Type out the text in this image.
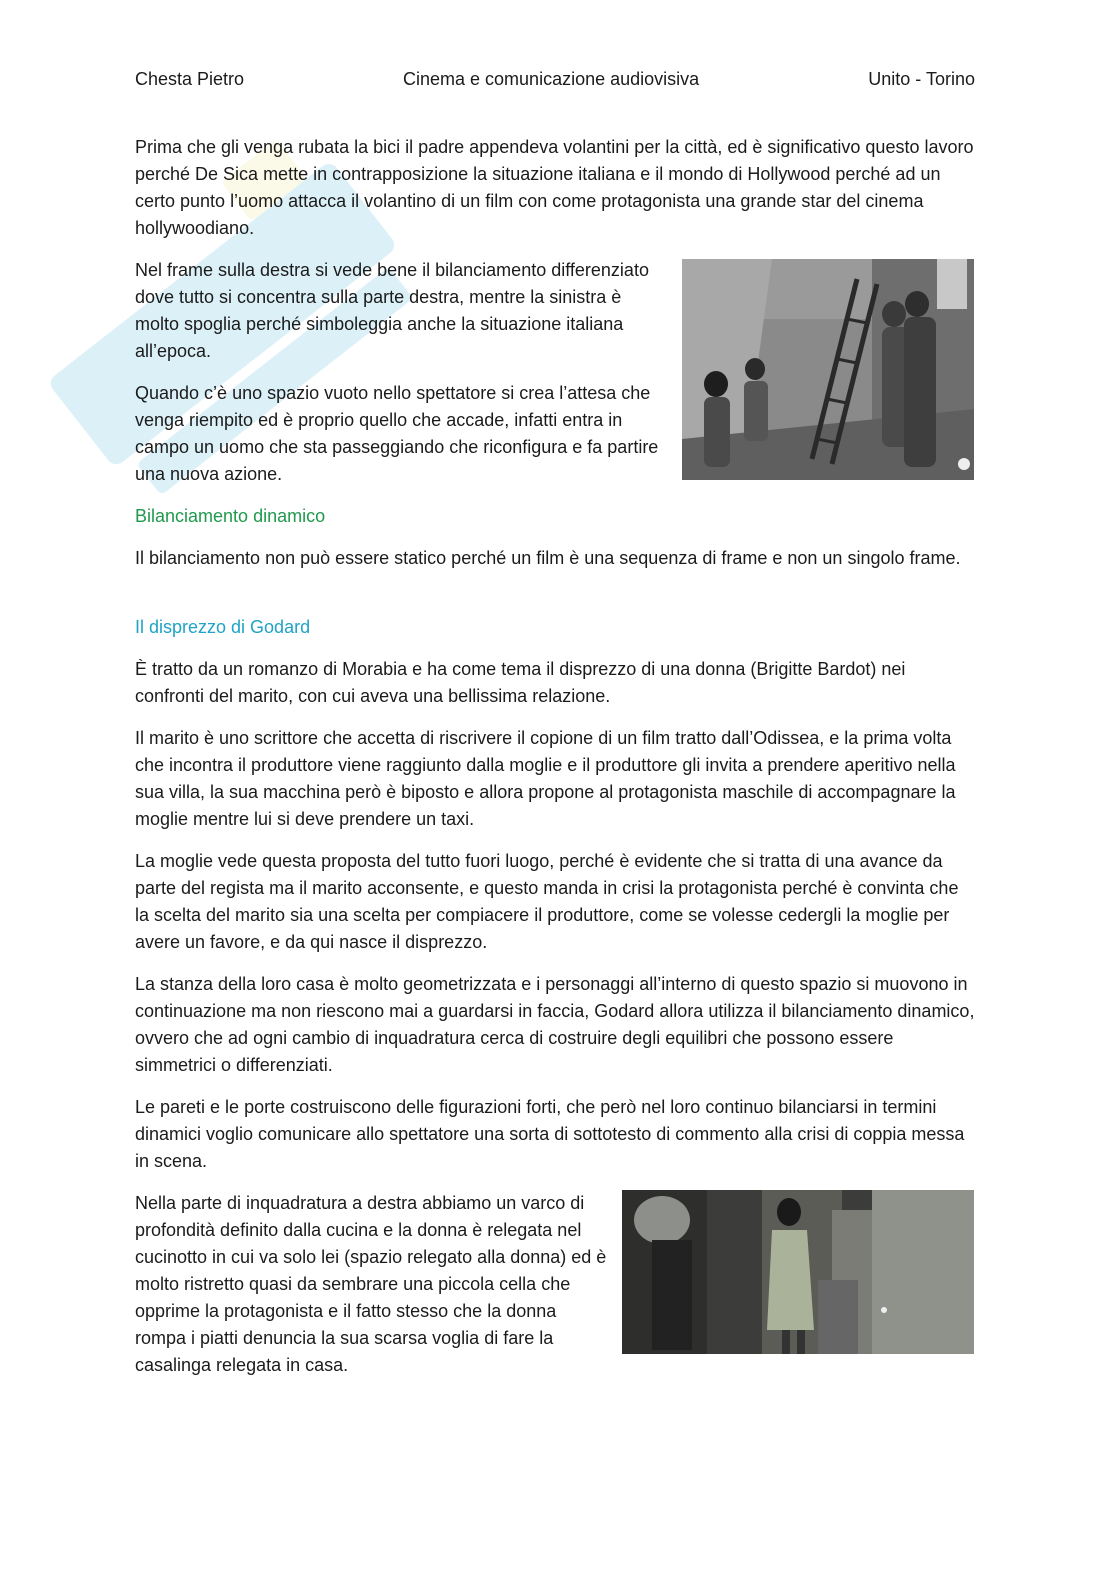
Chesta Pietro	Cinema e comunicazione audiovisiva	Unito - Torino

Prima che gli venga rubata la bici il padre appendeva volantini per la città, ed è significativo questo lavoro perché De Sica mette in contrapposizione la situazione italiana e il mondo di Hollywood perché ad un certo punto l’uomo attacca il volantino di un film con come protagonista una grande star del cinema hollywoodiano.

Nel frame sulla destra si vede bene il bilanciamento differenziato dove tutto si concentra sulla parte destra, mentre la sinistra è molto spoglia perché simboleggia anche la situazione italiana all’epoca.

Quando c’è uno spazio vuoto nello spettatore si crea l’attesa che venga riempito ed è proprio quello che accade, infatti entra in campo un uomo che sta passeggiando che riconfigura e fa partire una nuova azione.

Bilanciamento dinamico

Il bilanciamento non può essere statico perché un film è una sequenza di frame e non un singolo frame.

Il disprezzo di Godard

È tratto da un romanzo di Morabia e ha come tema il disprezzo di una donna (Brigitte Bardot) nei confronti del marito, con cui aveva una bellissima relazione.

Il marito è uno scrittore che accetta di riscrivere il copione di un film tratto dall’Odissea, e la prima volta che incontra il produttore viene raggiunto dalla moglie e il produttore gli invita a prendere aperitivo nella sua villa, la sua macchina però è biposto e allora propone al protagonista maschile di accompagnare la moglie mentre lui si deve prendere un taxi.

La moglie vede questa proposta del tutto fuori luogo, perché è evidente che si tratta di una avance da parte del regista ma il marito acconsente, e questo manda in crisi la protagonista perché è convinta che la scelta del marito sia una scelta per compiacere il produttore, come se volesse cedergli la moglie per avere un favore, e da qui nasce il disprezzo.

La stanza della loro casa è molto geometrizzata e i personaggi all’interno di questo spazio si muovono in continuazione ma non riescono mai a guardarsi in faccia, Godard allora utilizza il bilanciamento dinamico, ovvero che ad ogni cambio di inquadratura cerca di costruire degli equilibri che possono essere simmetrici o differenziati.

Le pareti e le porte costruiscono delle figurazioni forti, che però nel loro continuo bilanciarsi in termini dinamici voglio comunicare allo spettatore una sorta di sottotesto di commento alla crisi di coppia messa in scena.

Nella parte di inquadratura a destra abbiamo un varco di profondità definito dalla cucina e la donna è relegata nel cucinotto in cui va solo lei (spazio relegato alla donna) ed è molto ristretto quasi da sembrare una piccola cella che opprime la protagonista e il fatto stesso che la donna rompa i piatti denuncia la sua scarsa voglia di fare la casalinga relegata in casa.
